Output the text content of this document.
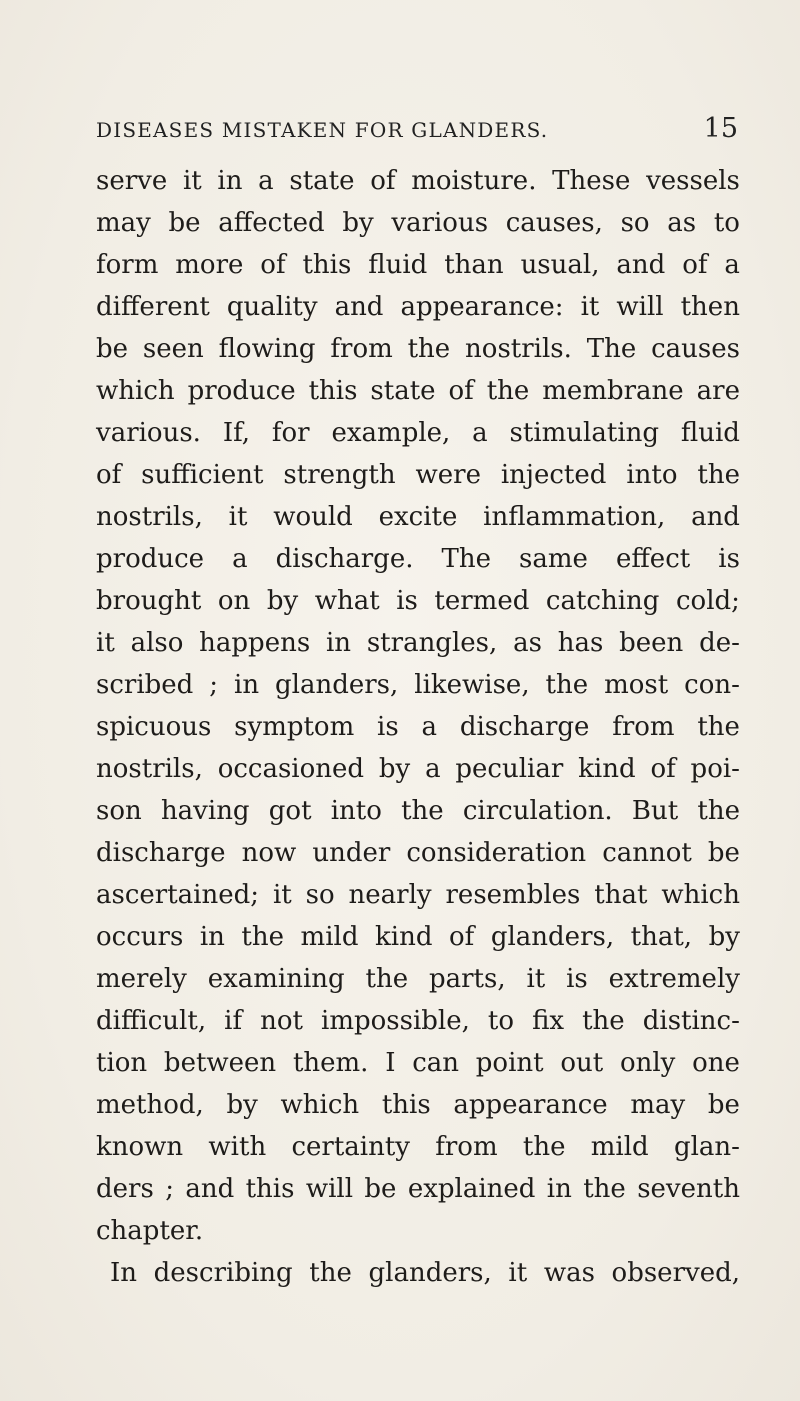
DISEASES MISTAKEN FOR GLANDERS.	15
serve it in a state of moisture. These vessels
may be affected by various causes, so as to
form more of this fluid than usual, and of a
different quality and appearance: it will then
be seen flowing from the nostrils. The causes
which produce this state of the membrane are
various. If, for example, a stimulating fluid
of sufficient strength were injected into the
nostrils, it would excite inflammation, and
produce a discharge. The same effect is
brought on by what is termed catching cold;
it also happens in strangles, as has been de-
scribed ; in glanders, likewise, the most con-
spicuous symptom is a discharge from the
nostrils, occasioned by a peculiar kind of poi-
son having got into the circulation. But the
discharge now under consideration cannot be
ascertained; it so nearly resembles that which
occurs in the mild kind of glanders, that, by
merely examining the parts, it is extremely
difficult, if not impossible, to fix the distinc-
tion between them. I can point out only one
method, by which this appearance may be
known with certainty from the mild glan-
ders ; and this will be explained in the seventh
chapter.
In describing the glanders, it was observed,
